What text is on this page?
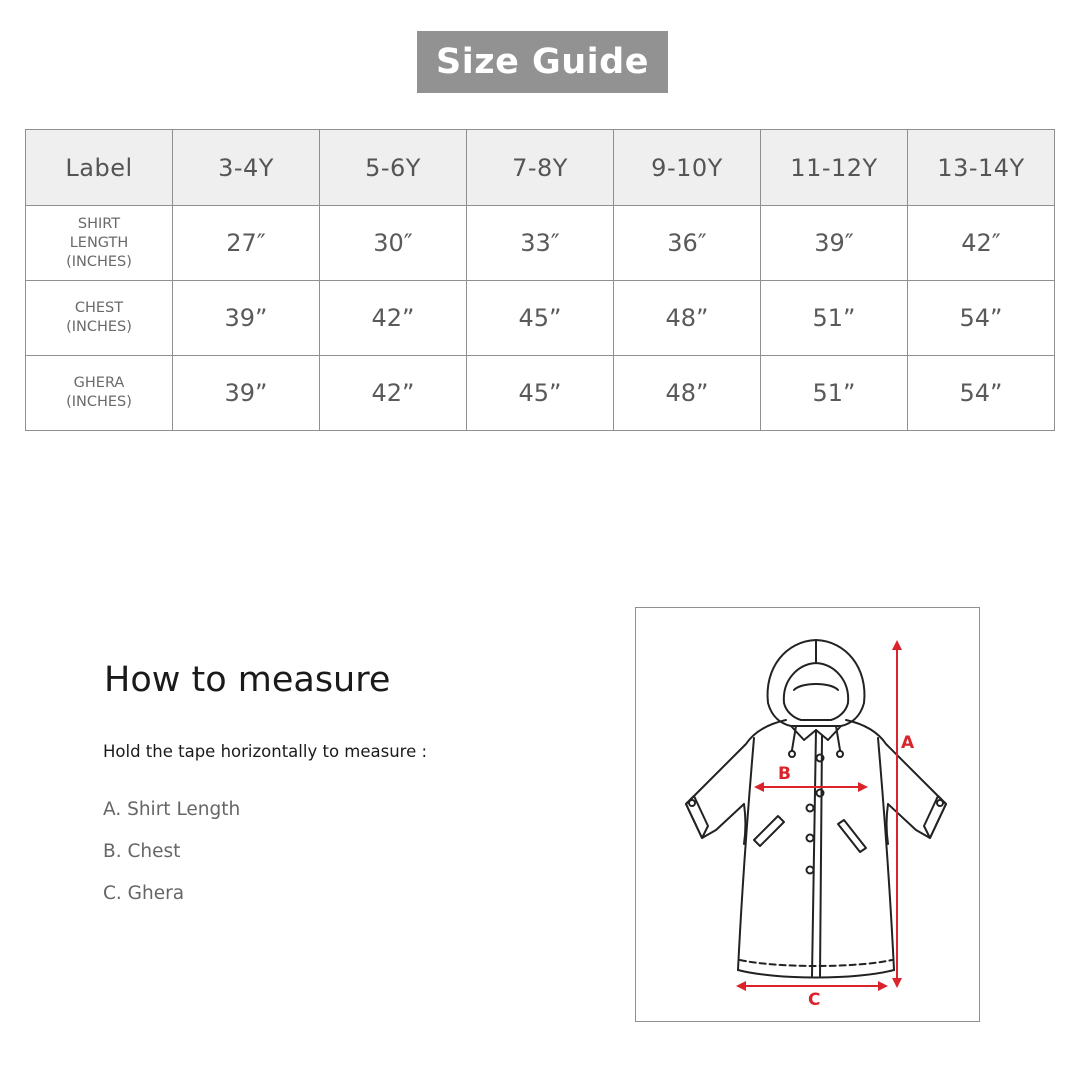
Size Guide
Label	3-4Y	5-6Y	7-8Y	9-10Y	11-12Y	13-14Y

SHIRT
LENGTH
(INCHES)	27″	30″	33″	36″	39″	42″

CHEST
(INCHES)	39”	42”	45”	48”	51”	54”

GHERA
(INCHES)	39”	42”	45”	48”	51”	54”
How to measure
Hold the tape horizontally to measure :
A. Shirt Length
B. Chest
C. Ghera
A
B
C
